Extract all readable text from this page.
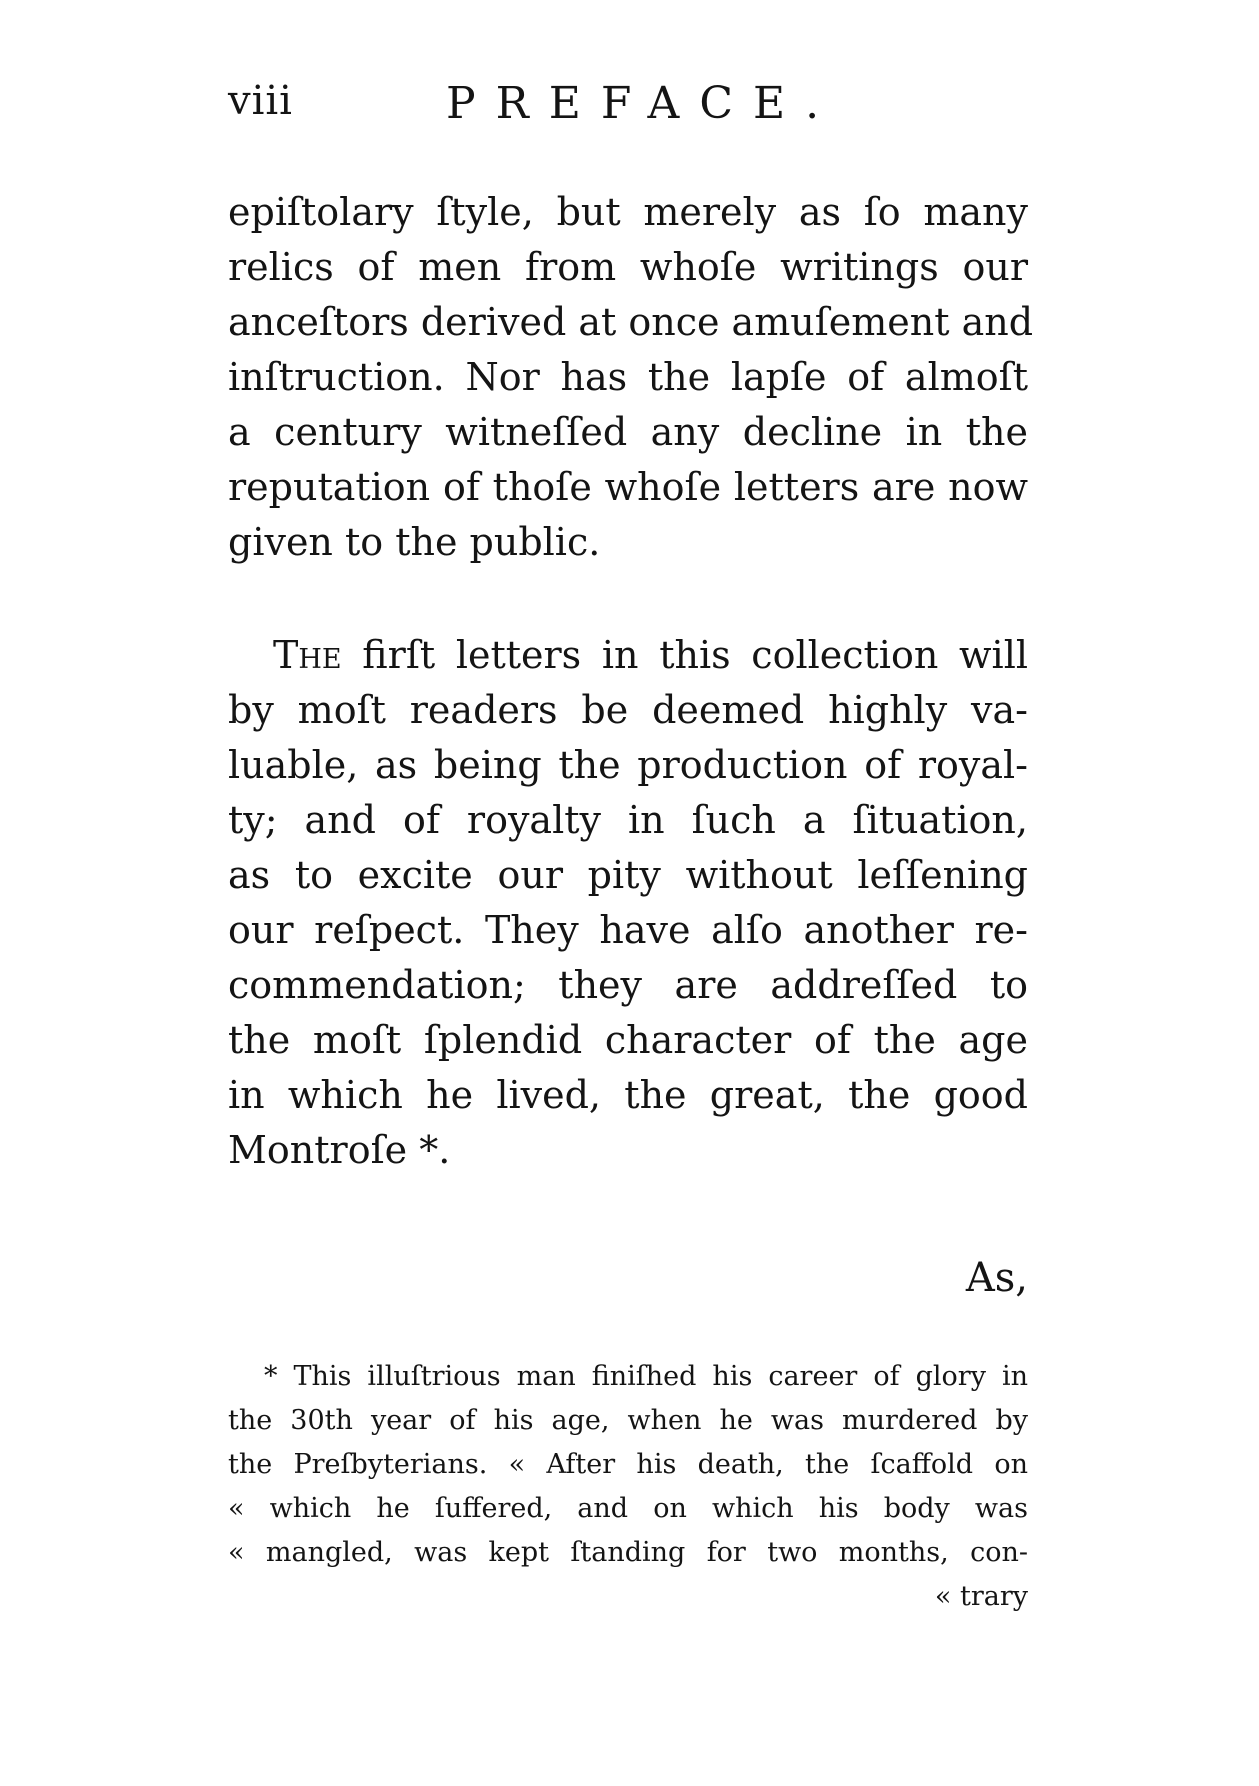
viii	PREFACE.
epiſtolary ſtyle, but merely as ſo many
relics of men from whoſe writings our
anceſtors derived at once amuſement and
inſtruction. Nor has the lapſe of almoſt
a century witneſſed any decline in the
reputation of thoſe whoſe letters are now
given to the public.
The firſt letters in this collection will
by moſt readers be deemed highly va-
luable, as being the production of royal-
ty; and of royalty in ſuch a ſituation,
as to excite our pity without leſſening
our reſpect. They have alſo another re-
commendation; they are addreſſed to
the moſt ſplendid character of the age
in which he lived, the great, the good
Montroſe *.
As,
* This illuſtrious man finiſhed his career of glory in
the 30th year of his age, when he was murdered by
the Preſbyterians. « After his death, the ſcaffold on
« which he ſuffered, and on which his body was
« mangled, was kept ſtanding for two months, con-
« trary
